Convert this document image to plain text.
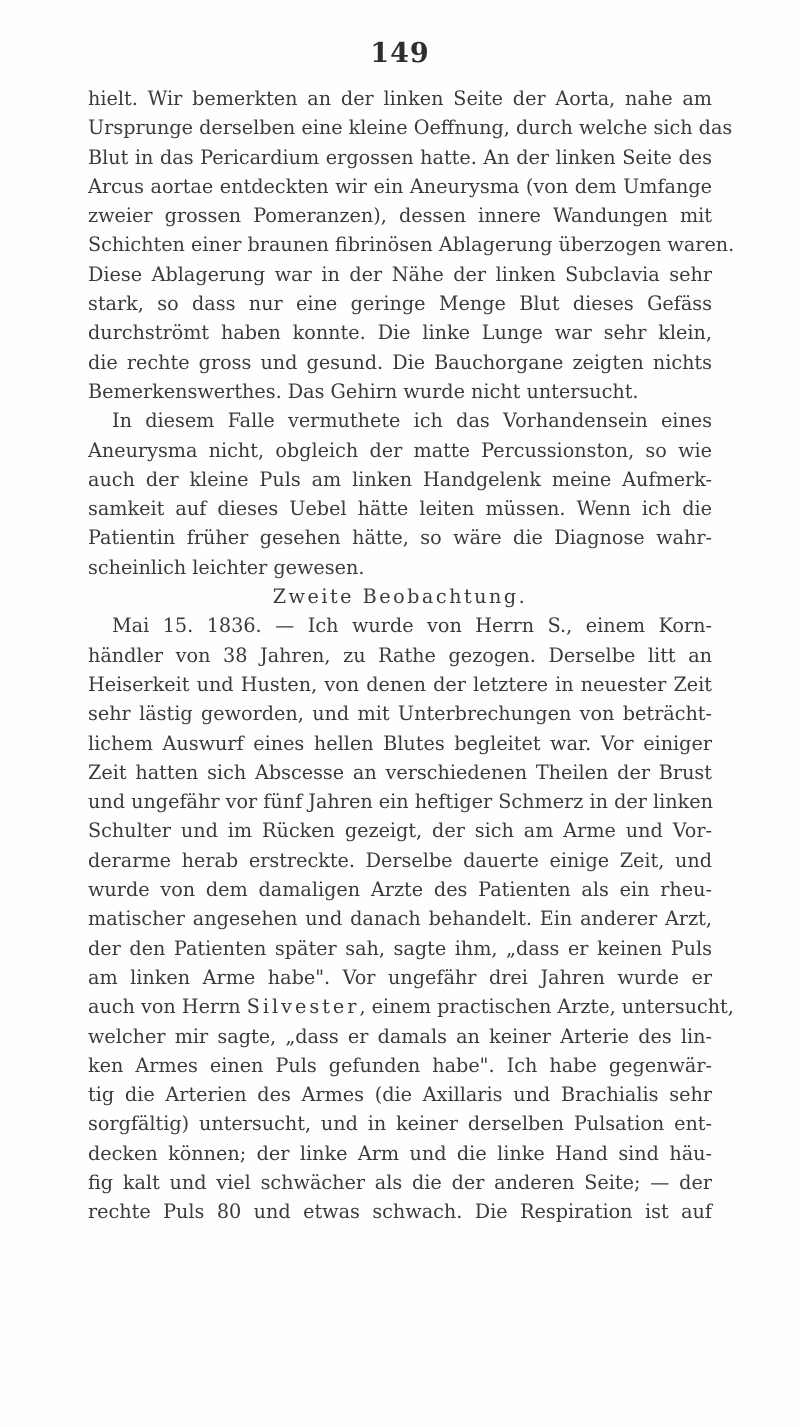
149
hielt. Wir bemerkten an der linken Seite der Aorta, nahe am
Ursprunge derselben eine kleine Oeffnung, durch welche sich das
Blut in das Pericardium ergossen hatte. An der linken Seite des
Arcus aortae entdeckten wir ein Aneurysma (von dem Umfange
zweier grossen Pomeranzen), dessen innere Wandungen mit
Schichten einer braunen fibrinösen Ablagerung überzogen waren.
Diese Ablagerung war in der Nähe der linken Subclavia sehr
stark, so dass nur eine geringe Menge Blut dieses Gefäss
durchströmt haben konnte. Die linke Lunge war sehr klein,
die rechte gross und gesund. Die Bauchorgane zeigten nichts
Bemerkenswerthes. Das Gehirn wurde nicht untersucht.
In diesem Falle vermuthete ich das Vorhandensein eines
Aneurysma nicht, obgleich der matte Percussionston, so wie
auch der kleine Puls am linken Handgelenk meine Aufmerk-
samkeit auf dieses Uebel hätte leiten müssen. Wenn ich die
Patientin früher gesehen hätte, so wäre die Diagnose wahr-
scheinlich leichter gewesen.
Zweite Beobachtung.
Mai 15. 1836. — Ich wurde von Herrn S., einem Korn-
händler von 38 Jahren, zu Rathe gezogen. Derselbe litt an
Heiserkeit und Husten, von denen der letztere in neuester Zeit
sehr lästig geworden, und mit Unterbrechungen von beträcht-
lichem Auswurf eines hellen Blutes begleitet war. Vor einiger
Zeit hatten sich Abscesse an verschiedenen Theilen der Brust
und ungefähr vor fünf Jahren ein heftiger Schmerz in der linken
Schulter und im Rücken gezeigt, der sich am Arme und Vor-
derarme herab erstreckte. Derselbe dauerte einige Zeit, und
wurde von dem damaligen Arzte des Patienten als ein rheu-
matischer angesehen und danach behandelt. Ein anderer Arzt,
der den Patienten später sah, sagte ihm, „dass er keinen Puls
am linken Arme habe". Vor ungefähr drei Jahren wurde er
auch von Herrn Silvester, einem practischen Arzte, untersucht,
welcher mir sagte, „dass er damals an keiner Arterie des lin-
ken Armes einen Puls gefunden habe". Ich habe gegenwär-
tig die Arterien des Armes (die Axillaris und Brachialis sehr
sorgfältig) untersucht, und in keiner derselben Pulsation ent-
decken können; der linke Arm und die linke Hand sind häu-
fig kalt und viel schwächer als die der anderen Seite; — der
rechte Puls 80 und etwas schwach. Die Respiration ist auf
